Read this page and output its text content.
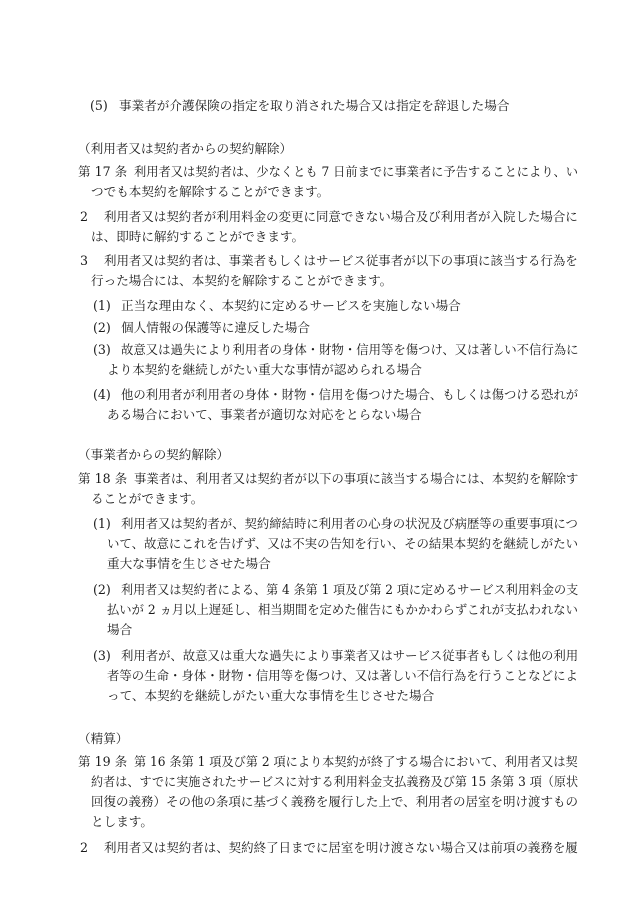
(5) 事業者が介護保険の指定を取り消された場合又は指定を辞退した場合
（利用者又は契約者からの契約解除）
第 17 条 利用者又は契約者は、少なくとも 7 日前までに事業者に予告することにより、い
つでも本契約を解除することができます。
2 利用者又は契約者が利用料金の変更に同意できない場合及び利用者が入院した場合に
は、即時に解約することができます。
3 利用者又は契約者は、事業者もしくはサービス従事者が以下の事項に該当する行為を
行った場合には、本契約を解除することができます。
(1) 正当な理由なく、本契約に定めるサービスを実施しない場合
(2) 個人情報の保護等に違反した場合
(3) 故意又は過失により利用者の身体・財物・信用等を傷つけ、又は著しい不信行為に
より本契約を継続しがたい重大な事情が認められる場合
(4) 他の利用者が利用者の身体・財物・信用を傷つけた場合、もしくは傷つける恐れが
ある場合において、事業者が適切な対応をとらない場合
（事業者からの契約解除）
第 18 条 事業者は、利用者又は契約者が以下の事項に該当する場合には、本契約を解除す
ることができます。
(1) 利用者又は契約者が、契約締結時に利用者の心身の状況及び病歴等の重要事項につ
いて、故意にこれを告げず、又は不実の告知を行い、その結果本契約を継続しがたい
重大な事情を生じさせた場合
(2) 利用者又は契約者による、第 4 条第 1 項及び第 2 項に定めるサービス利用料金の支
払いが 2 ヵ月以上遅延し、相当期間を定めた催告にもかかわらずこれが支払われない
場合
(3) 利用者が、故意又は重大な過失により事業者又はサービス従事者もしくは他の利用
者等の生命・身体・財物・信用等を傷つけ、又は著しい不信行為を行うことなどによ
って、本契約を継続しがたい重大な事情を生じさせた場合
（精算）
第 19 条 第 16 条第 1 項及び第 2 項により本契約が終了する場合において、利用者又は契
約者は、すでに実施されたサービスに対する利用料金支払義務及び第 15 条第 3 項（原状
回復の義務）その他の条項に基づく義務を履行した上で、利用者の居室を明け渡すもの
とします。
2 利用者又は契約者は、契約終了日までに居室を明け渡さない場合又は前項の義務を履
